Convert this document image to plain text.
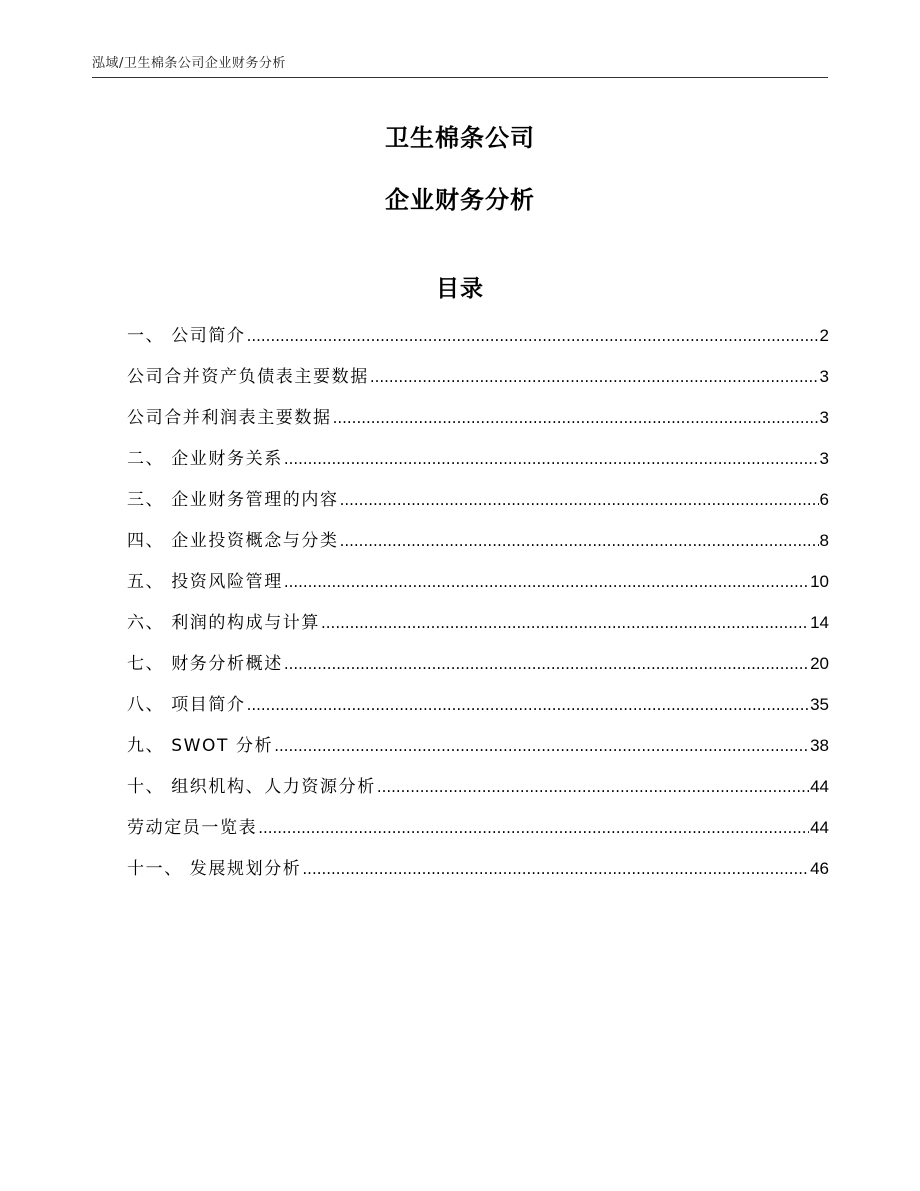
泓域/卫生棉条公司企业财务分析
卫生棉条公司
企业财务分析
目录
一、 公司简介 .....	2
公司合并资产负债表主要数据 .....	3
公司合并利润表主要数据 .....	3
二、 企业财务关系 .....	3
三、 企业财务管理的内容 .....	6
四、 企业投资概念与分类 .....	8
五、 投资风险管理 .....	10
六、 利润的构成与计算 .....	14
七、 财务分析概述 .....	20
八、 项目简介 .....	35
九、 SWOT 分析 .....	38
十、 组织机构、人力资源分析 .....	44
劳动定员一览表 .....	44
十一、 发展规划分析 .....	46
